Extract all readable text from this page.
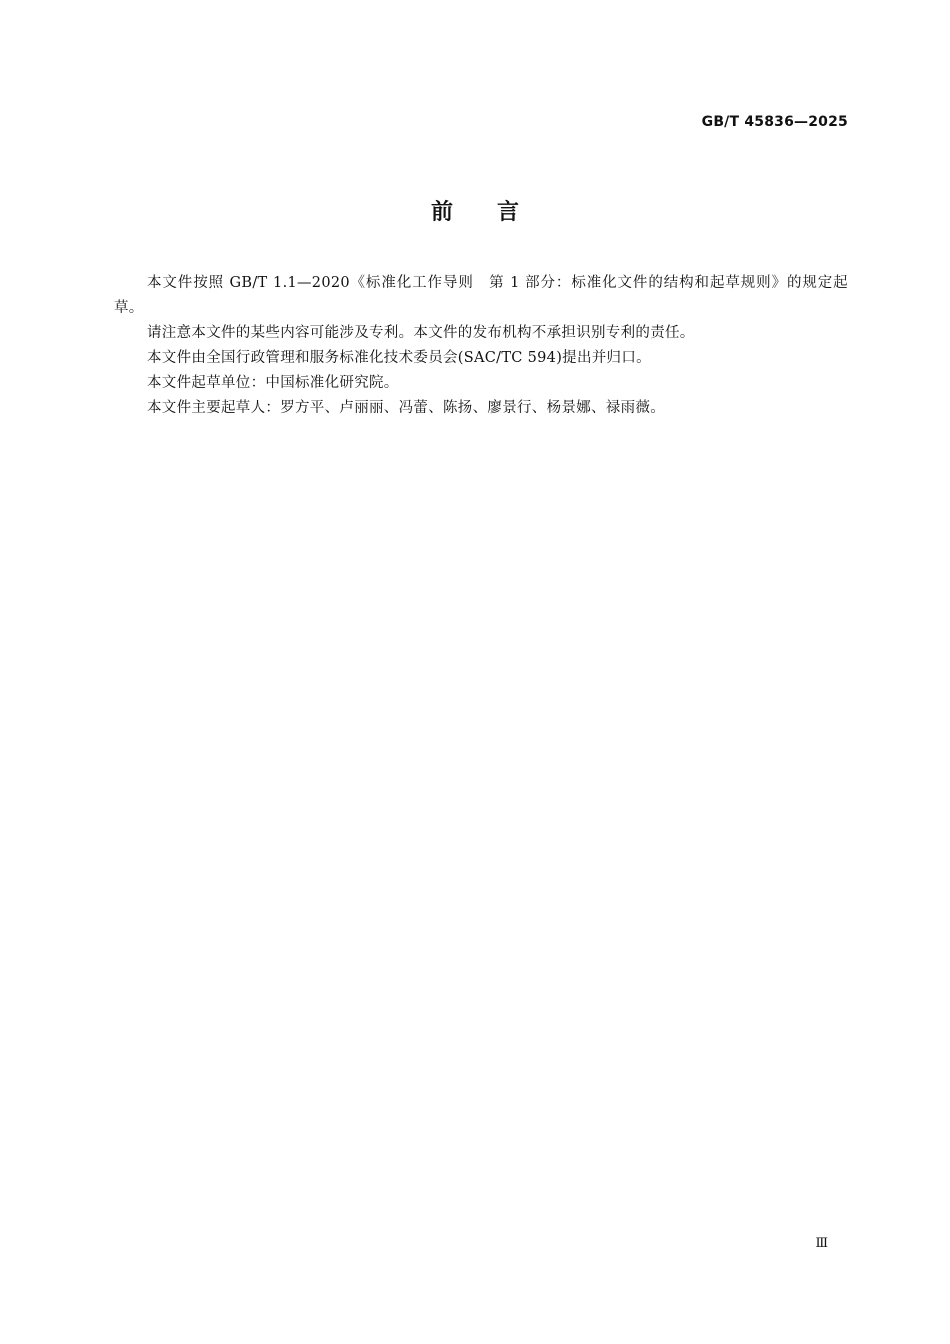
GB/T 45836—2025
前　　言

本文件按照 GB/T 1.1—2020《标准化工作导则　第 1 部分：标准化文件的结构和起草规则》的规定起草。

请注意本文件的某些内容可能涉及专利。本文件的发布机构不承担识别专利的责任。

本文件由全国行政管理和服务标准化技术委员会(SAC/TC 594)提出并归口。

本文件起草单位：中国标准化研究院。

本文件主要起草人：罗方平、卢丽丽、冯蕾、陈扬、廖景行、杨景娜、禄雨薇。

Ⅲ
